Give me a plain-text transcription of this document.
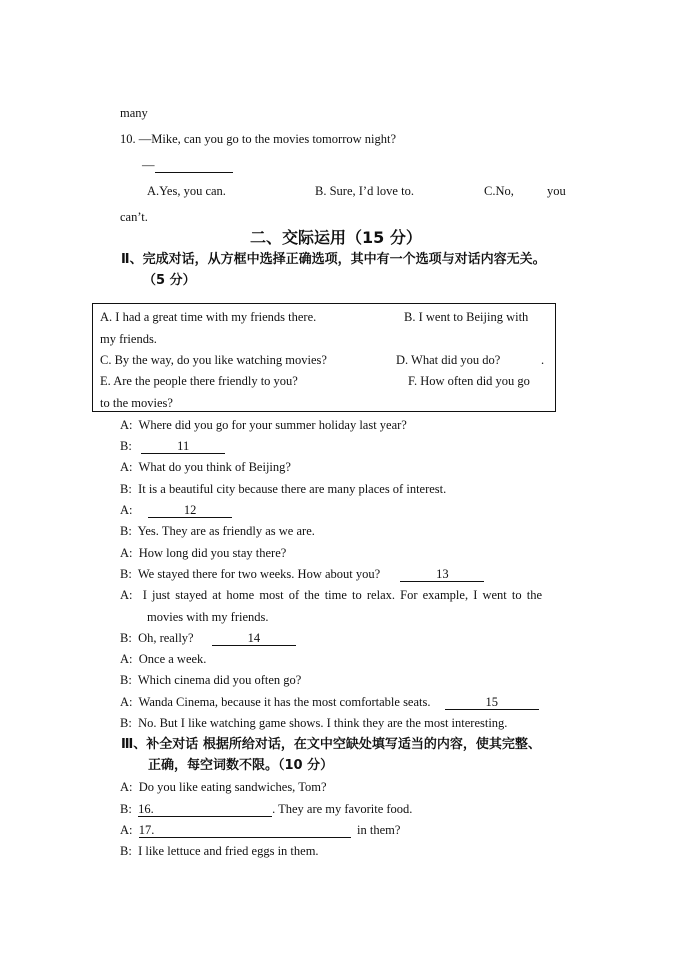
many
10. —Mike, can you go to the movies tomorrow night?
—
A.Yes, you can.	B. Sure, I’d love to.	C.No,	you
can’t.
二、交际运用（15 分）
Ⅱ、完成对话，从方框中选择正确选项，其中有一个选项与对话内容无关。
（5 分）
A. I had a great time with my friends there.	B. I went to Beijing with
my friends.
C. By the way, do you like watching movies?	D. What did you do?	.
E. Are the people there friendly to you?	F. How often did you go
to the movies?
A: Where did you go for your summer holiday last year?
B:	11
A: What do you think of Beijing?
B: It is a beautiful city because there are many places of interest.
A:	12
B: Yes. They are as friendly as we are.
A: How long did you stay there?
B: We stayed there for two weeks. How about you?	13
A: I just stayed at home most of the time to relax. For example, I went to the
movies with my friends.
B: Oh, really?	14
A: Once a week.
B: Which cinema did you often go?
A: Wanda Cinema, because it has the most comfortable seats.	15
B: No. But I like watching game shows. I think they are the most interesting.
Ⅲ、补全对话 根据所给对话，在文中空缺处填写适当的内容，使其完整、
正确，每空词数不限。（10 分）
A: Do you like eating sandwiches, Tom?
B: 16.	. They are my favorite food.
A: 17.	in them?
B: I like lettuce and fried eggs in them.
